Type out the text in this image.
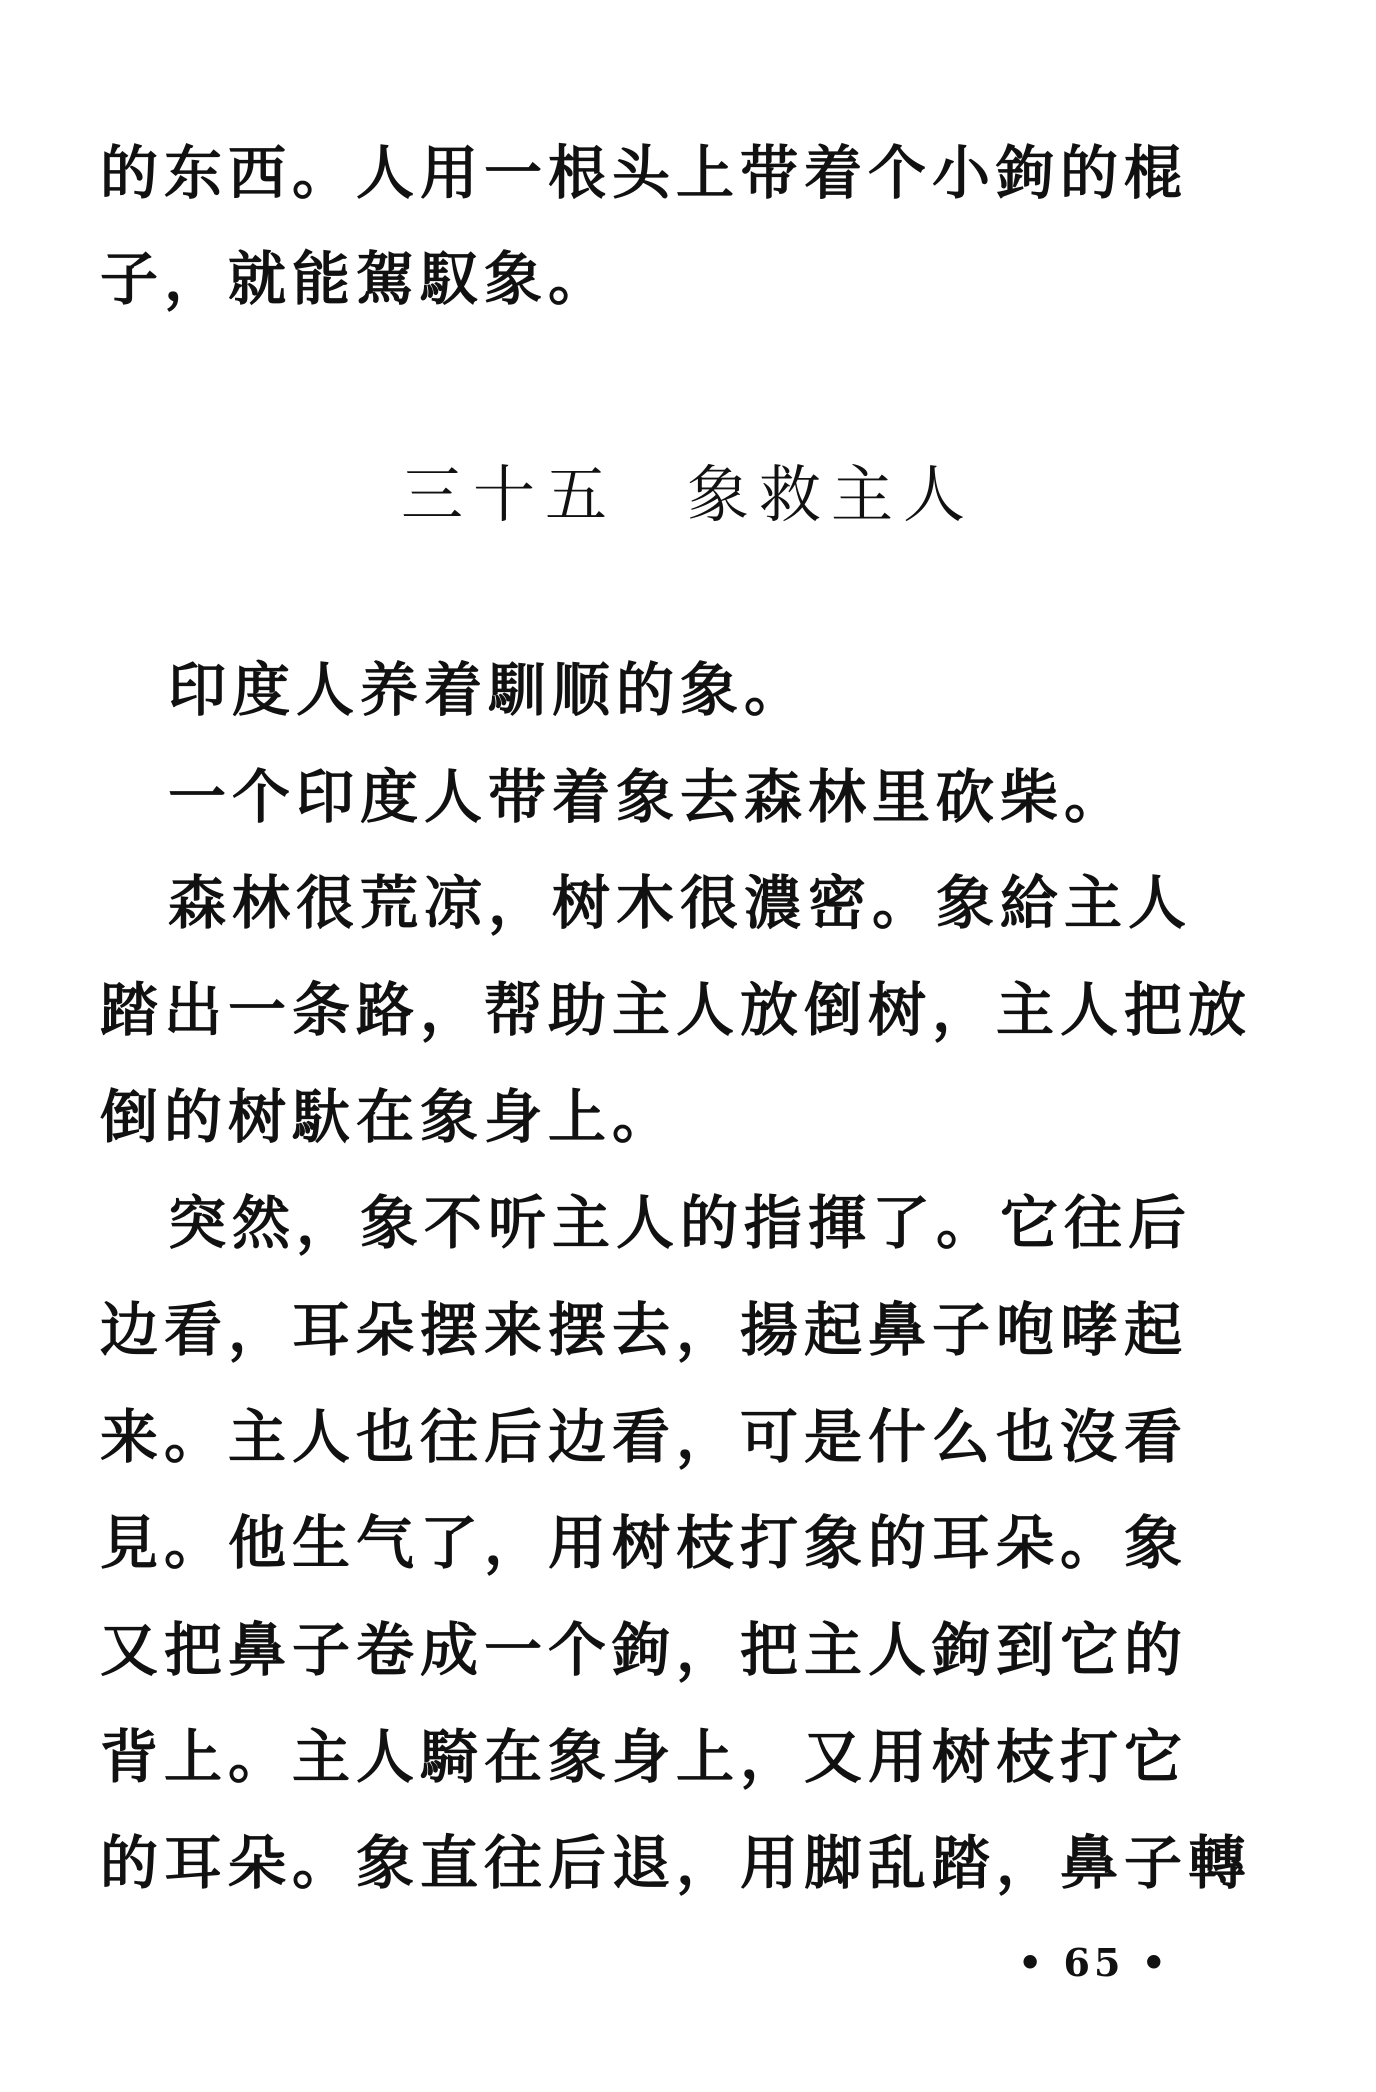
的东西。人用一根头上带着个小鉤的棍
子，就能駕馭象。
三十五 象救主人
印度人养着馴顺的象。
一个印度人带着象去森林里砍柴。
森林很荒凉，树木很濃密。象給主人
踏出一条路，帮助主人放倒树，主人把放
倒的树馱在象身上。
突然，象不听主人的指揮了。它往后
边看，耳朵摆来摆去，揚起鼻子咆哮起
来。主人也往后边看，可是什么也沒看
見。他生气了，用树枝打象的耳朵。象
又把鼻子卷成一个鉤，把主人鉤到它的
背上。主人騎在象身上，又用树枝打它
的耳朵。象直往后退，用脚乱踏，鼻子轉
• 65 •
